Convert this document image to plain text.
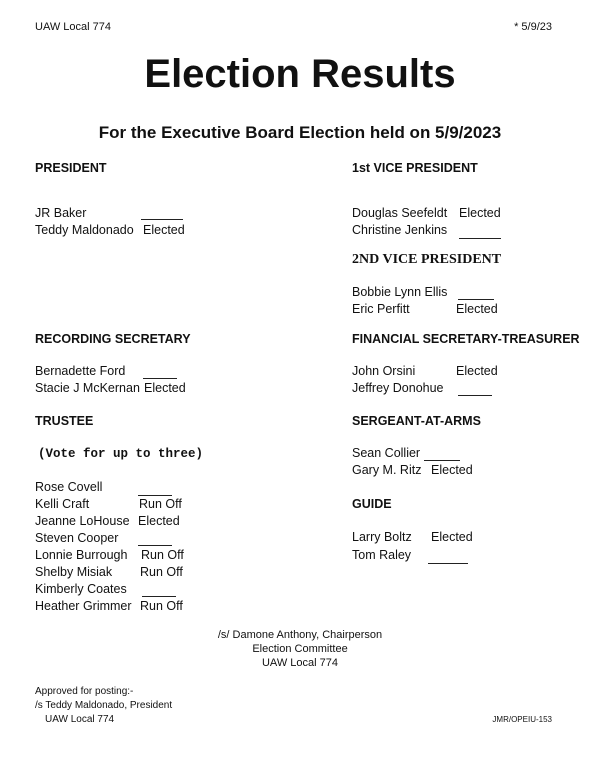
UAW Local 774	* 5/9/23
Election Results
For the Executive Board Election held on 5/9/2023
PRESIDENT
JR Baker
Teddy Maldonado Elected
1st VICE PRESIDENT
Douglas Seefeldt Elected
Christine Jenkins
2ND VICE PRESIDENT
Bobbie Lynn Ellis
Eric Perfitt	Elected
RECORDING SECRETARY
Bernadette Ford
Stacie J McKernan Elected
FINANCIAL SECRETARY-TREASURER
John Orsini	Elected
Jeffrey Donohue
TRUSTEE
(Vote for up to three)
Rose Covell
Kelli Craft	Run Off
Jeanne LoHouse Elected
Steven Cooper
Lonnie Burrough Run Off
Shelby Misiak Run Off
Kimberly Coates
Heather Grimmer Run Off
SERGEANT-AT-ARMS
Sean Collier
Gary M. Ritz Elected
GUIDE
Larry Boltz Elected
Tom Raley
/s/ Damone Anthony, Chairperson
Election Committee
UAW Local 774
Approved for posting:-
/s Teddy Maldonado, President
UAW Local 774	JMR/OPEIU-153
